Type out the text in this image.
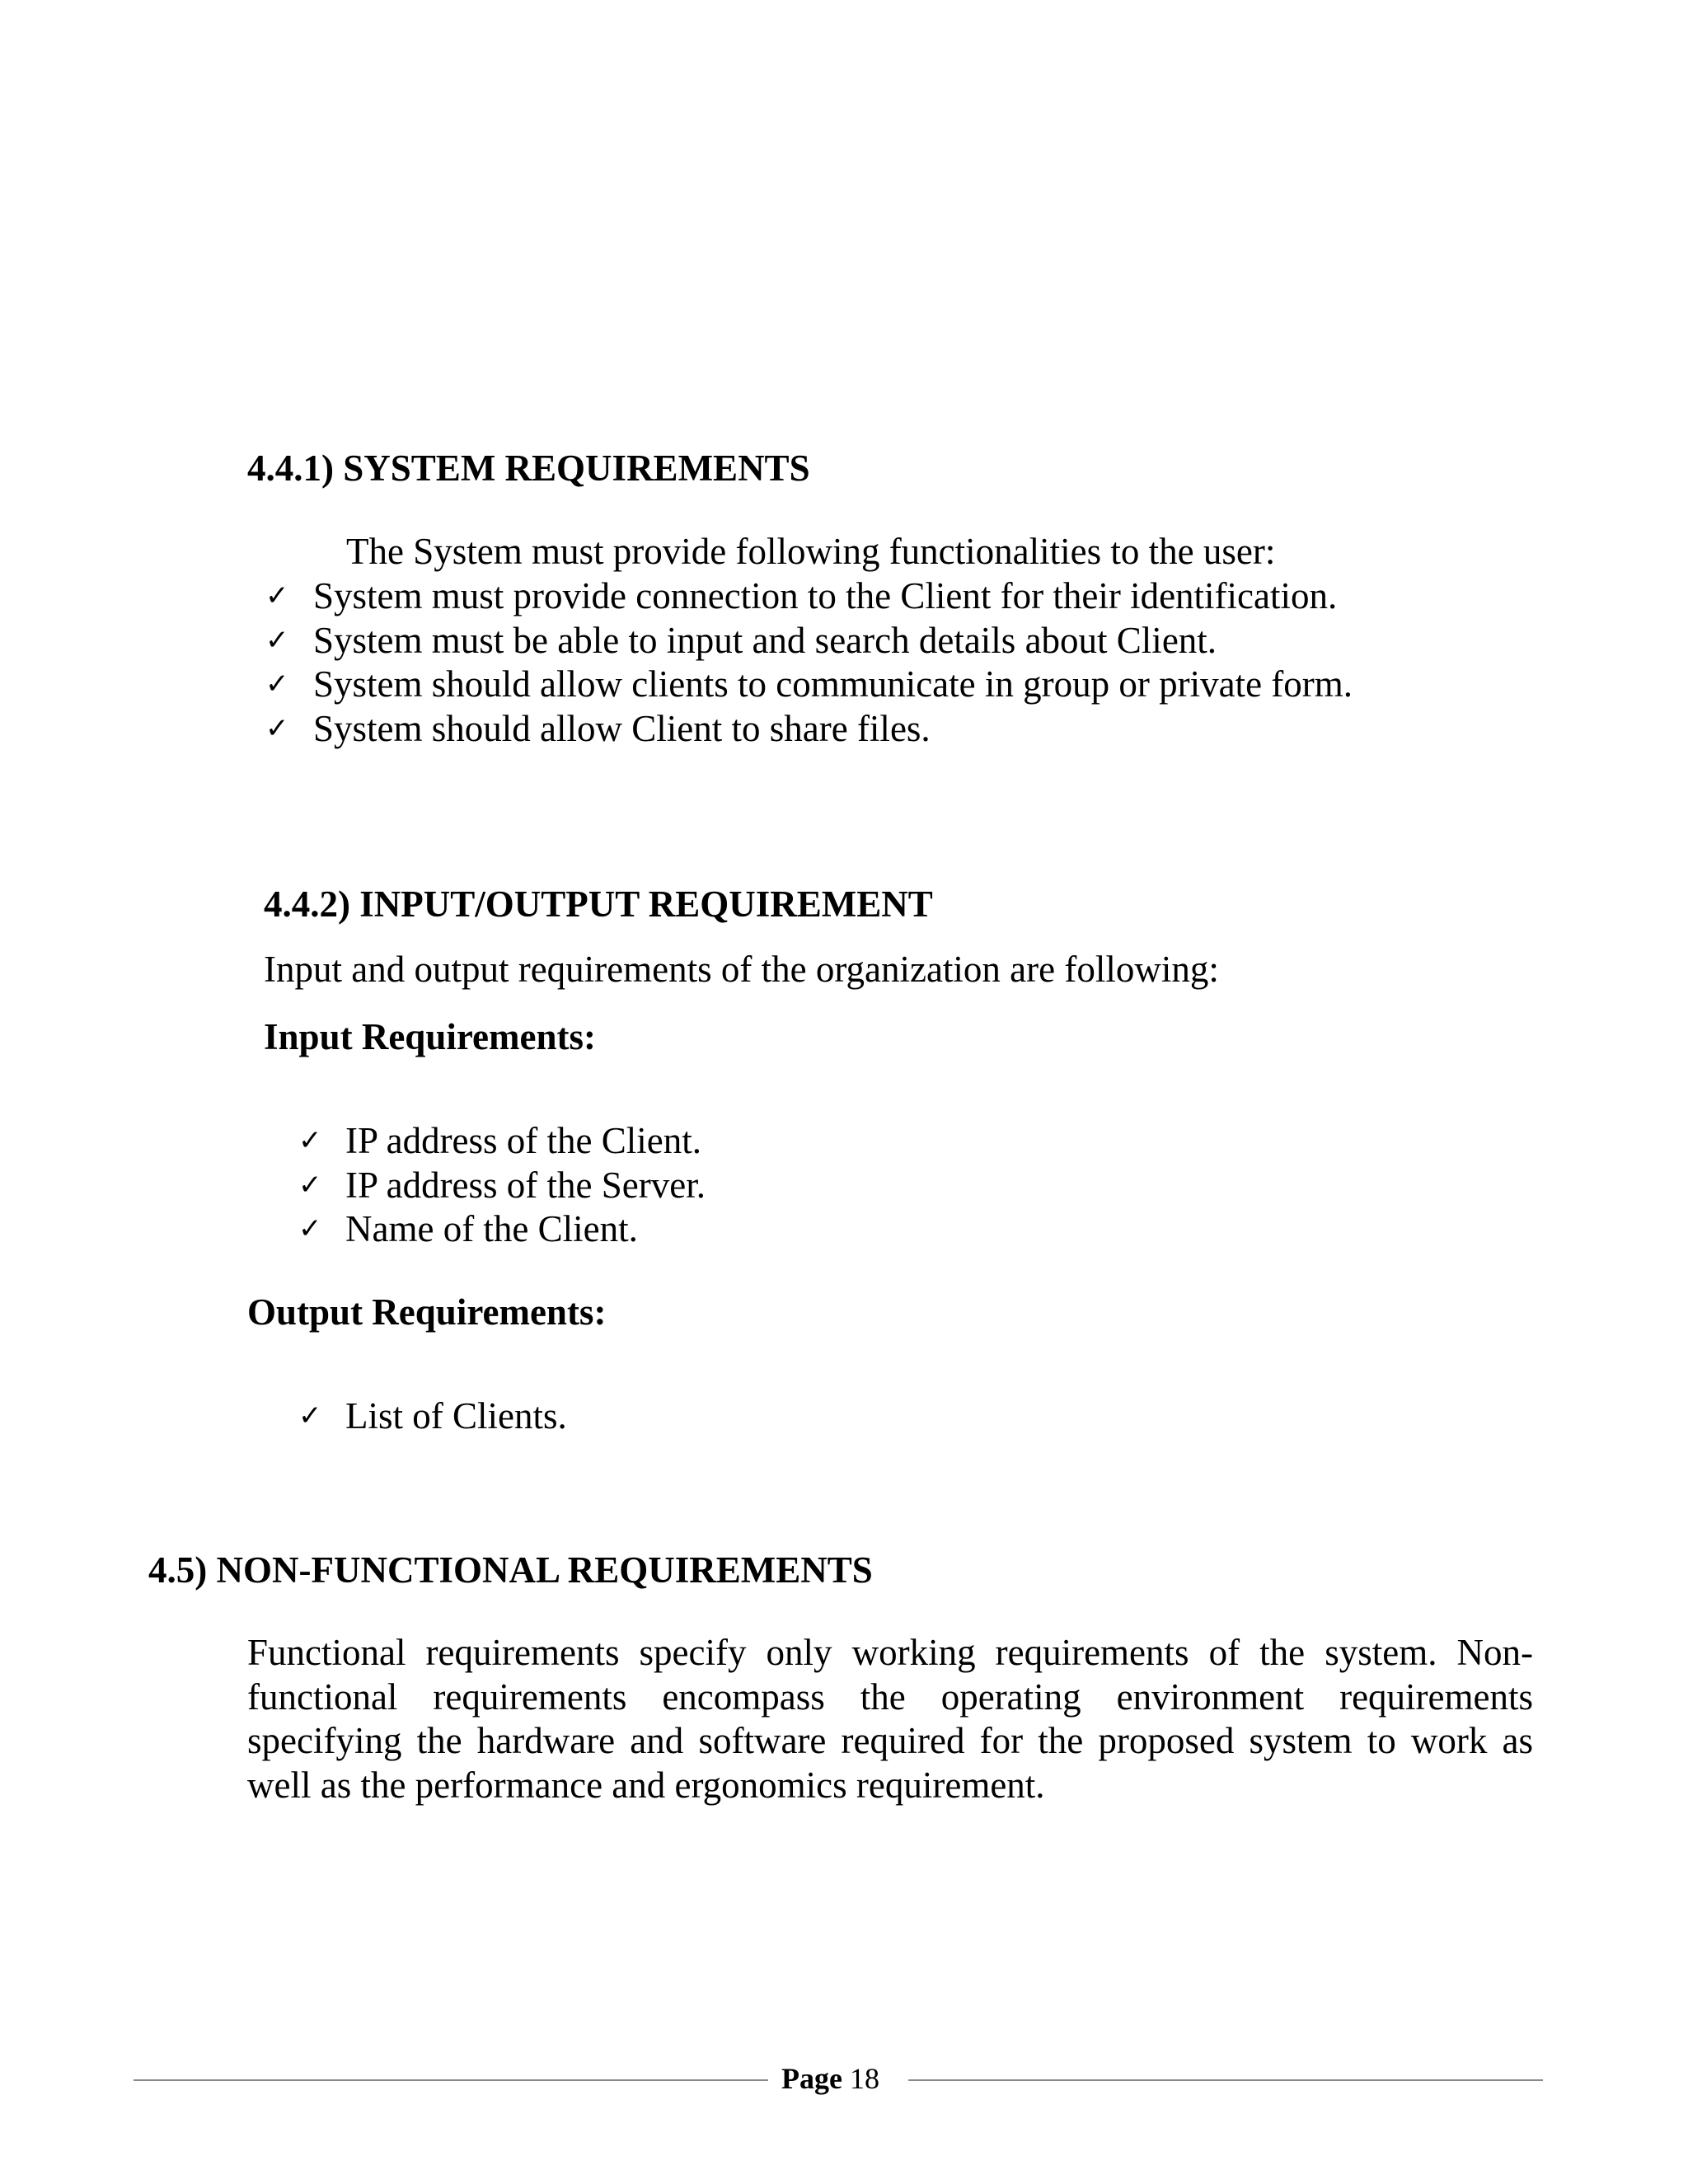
4.4.1) SYSTEM REQUIREMENTS

The System must provide following functionalities to the user:

✓ System must provide connection to the Client for their identification.
✓ System must be able to input and search details about Client.
✓ System should allow clients to communicate in group or private form.
✓ System should allow Client to share files.
4.4.2) INPUT/OUTPUT REQUIREMENT

Input and output requirements of the organization are following:

Input Requirements:
✓ IP address of the Client.
✓ IP address of the Server.
✓ Name of the Client.
Output Requirements:
✓ List of Clients.
4.5) NON-FUNCTIONAL REQUIREMENTS

Functional requirements specify only working requirements of the system. Non-functional requirements encompass the operating environment requirements specifying the hardware and software required for the proposed system to work as well as the performance and ergonomics requirement.

Page 18
